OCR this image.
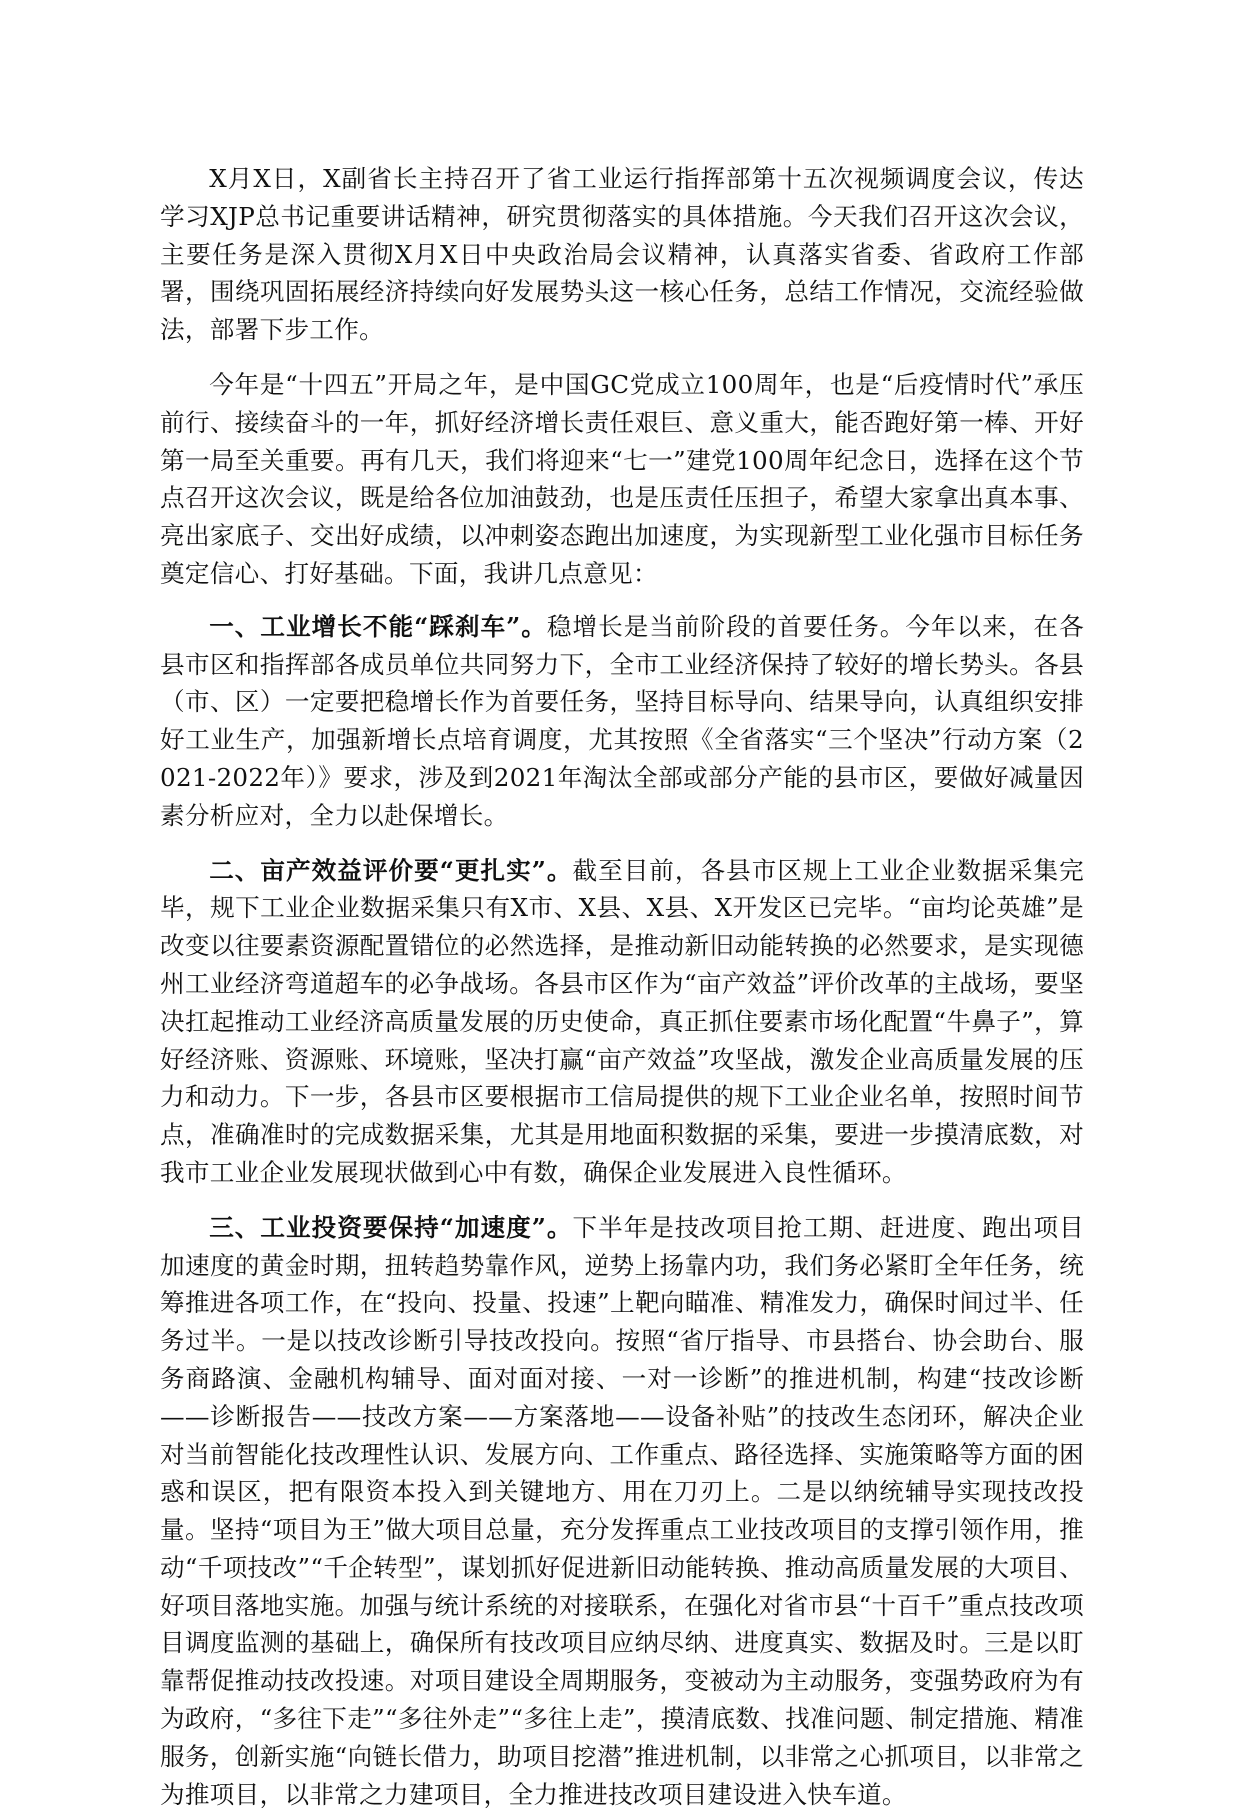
X月X日，X副省长主持召开了省工业运行指挥部第十五次视频调度会议，传达学习XJP总书记重要讲话精神，研究贯彻落实的具体措施。今天我们召开这次会议，主要任务是深入贯彻X月X日中央政治局会议精神，认真落实省委、省政府工作部署，围绕巩固拓展经济持续向好发展势头这一核心任务，总结工作情况，交流经验做法，部署下步工作。

今年是“十四五”开局之年，是中国GC党成立100周年，也是“后疫情时代”承压前行、接续奋斗的一年，抓好经济增长责任艰巨、意义重大，能否跑好第一棒、开好第一局至关重要。再有几天，我们将迎来“七一”建党100周年纪念日，选择在这个节点召开这次会议，既是给各位加油鼓劲，也是压责任压担子，希望大家拿出真本事、亮出家底子、交出好成绩，以冲刺姿态跑出加速度，为实现新型工业化强市目标任务奠定信心、打好基础。下面，我讲几点意见：

一、工业增长不能“踩刹车”。稳增长是当前阶段的首要任务。今年以来，在各县市区和指挥部各成员单位共同努力下，全市工业经济保持了较好的增长势头。各县（市、区）一定要把稳增长作为首要任务，坚持目标导向、结果导向，认真组织安排好工业生产，加强新增长点培育调度，尤其按照《全省落实“三个坚决”行动方案（2021-2022年）》要求，涉及到2021年淘汰全部或部分产能的县市区，要做好减量因素分析应对，全力以赴保增长。

二、亩产效益评价要“更扎实”。截至目前，各县市区规上工业企业数据采集完毕，规下工业企业数据采集只有X市、X县、X县、X开发区已完毕。“亩均论英雄”是改变以往要素资源配置错位的必然选择，是推动新旧动能转换的必然要求，是实现德州工业经济弯道超车的必争战场。各县市区作为“亩产效益”评价改革的主战场，要坚决扛起推动工业经济高质量发展的历史使命，真正抓住要素市场化配置“牛鼻子”，算好经济账、资源账、环境账，坚决打赢“亩产效益”攻坚战，激发企业高质量发展的压力和动力。下一步，各县市区要根据市工信局提供的规下工业企业名单，按照时间节点，准确准时的完成数据采集，尤其是用地面积数据的采集，要进一步摸清底数，对我市工业企业发展现状做到心中有数，确保企业发展进入良性循环。

三、工业投资要保持“加速度”。下半年是技改项目抢工期、赶进度、跑出项目加速度的黄金时期，扭转趋势靠作风，逆势上扬靠内功，我们务必紧盯全年任务，统筹推进各项工作，在“投向、投量、投速”上靶向瞄准、精准发力，确保时间过半、任务过半。一是以技改诊断引导技改投向。按照“省厅指导、市县搭台、协会助台、服务商路演、金融机构辅导、面对面对接、一对一诊断”的推进机制，构建“技改诊断——诊断报告——技改方案——方案落地——设备补贴”的技改生态闭环，解决企业对当前智能化技改理性认识、发展方向、工作重点、路径选择、实施策略等方面的困惑和误区，把有限资本投入到关键地方、用在刀刃上。二是以纳统辅导实现技改投量。坚持“项目为王”做大项目总量，充分发挥重点工业技改项目的支撑引领作用，推动“千项技改”“千企转型”，谋划抓好促进新旧动能转换、推动高质量发展的大项目、好项目落地实施。加强与统计系统的对接联系，在强化对省市县“十百千”重点技改项目调度监测的基础上，确保所有技改项目应纳尽纳、进度真实、数据及时。三是以盯靠帮促推动技改投速。对项目建设全周期服务，变被动为主动服务，变强势政府为有为政府，“多往下走”“多往外走”“多往上走”，摸清底数、找准问题、制定措施、精准服务，创新实施“向链长借力，助项目挖潜”推进机制，以非常之心抓项目，以非常之为推项目，以非常之力建项目，全力推进技改项目建设进入快车道。
